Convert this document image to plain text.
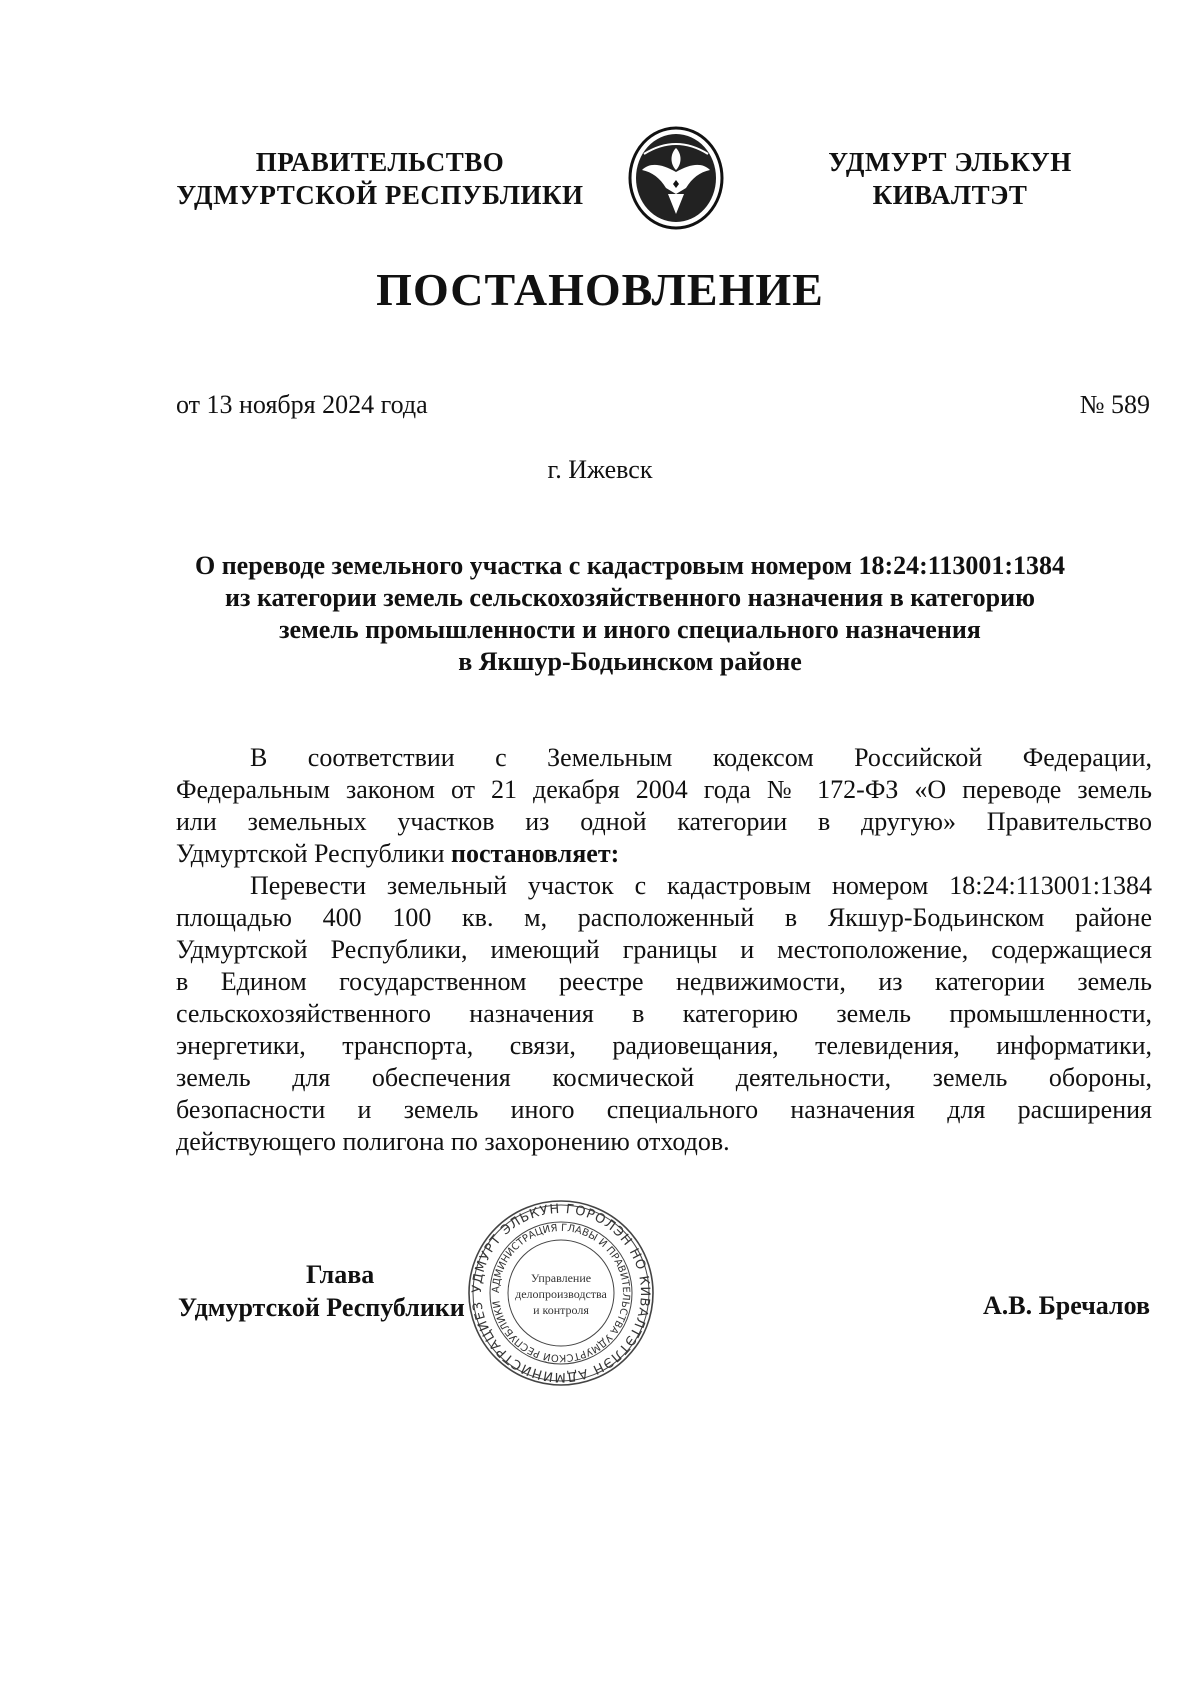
ПРАВИТЕЛЬСТВО
УДМУРТСКОЙ РЕСПУБЛИКИ
УДМУРТ ЭЛЬКУН
КИВАЛТЭТ
ПОСТАНОВЛЕНИЕ
от 13 ноября 2024 года	№ 589
г. Ижевск
О переводе земельного участка с кадастровым номером 18:24:113001:1384
из категории земель сельскохозяйственного назначения в категорию
земель промышленности и иного специального назначения
в Якшур-Бодьинском районе
В соответствии с Земельным кодексом Российской Федерации,
Федеральным законом от 21 декабря 2004 года № 172-ФЗ «О переводе земель
или земельных участков из одной категории в другую» Правительство
Удмуртской Республики постановляет:
Перевести земельный участок с кадастровым номером 18:24:113001:1384
площадью 400 100 кв. м, расположенный в Якшур-Бодьинском районе
Удмуртской Республики, имеющий границы и местоположение, содержащиеся
в Едином государственном реестре недвижимости, из категории земель
сельскохозяйственного назначения в категорию земель промышленности,
энергетики, транспорта, связи, радиовещания, телевидения, информатики,
земель для обеспечения космической деятельности, земель обороны,
безопасности и земель иного специального назначения для расширения
действующего полигона по захоронению отходов.
Глава
Удмуртской Республики	А.В. Бречалов
УДМУРТ ЭЛЬКУН ГОРОЛЭН НО КИВАЛТЭТЛЭН АДМИНИСТРАЦИЕЗ
АДМИНИСТРАЦИЯ ГЛАВЫ И ПРАВИТЕЛЬСТВА УДМУРТСКОЙ РЕСПУБЛИКИ
Управление
делопроизводства
и контроля
